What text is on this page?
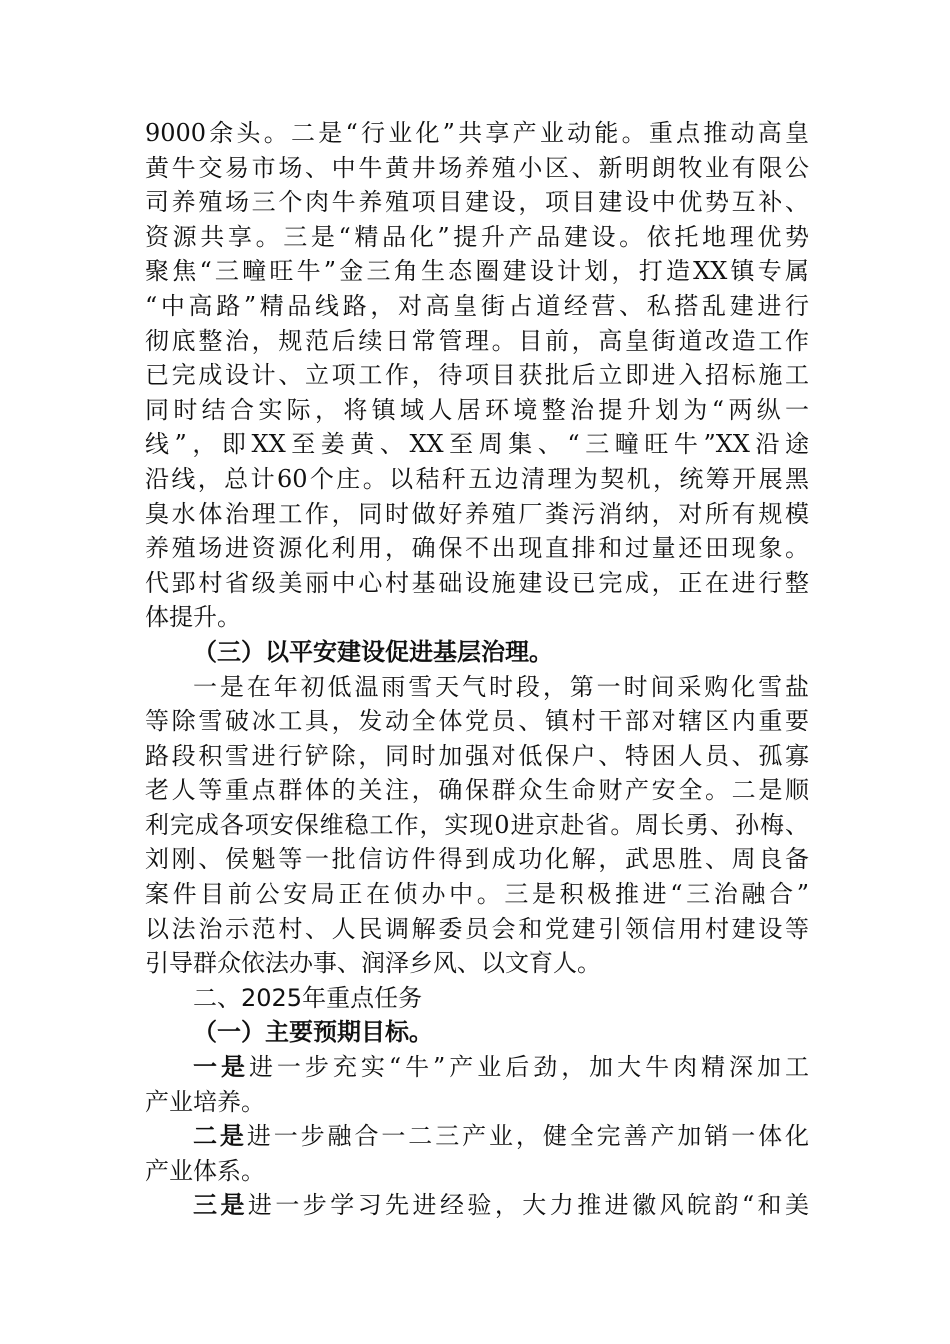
9000余头。二是“行业化”共享产业动能。重点推动高皇
黄牛交易市场、中牛黄井场养殖小区、新明朗牧业有限公
司养殖场三个肉牛养殖项目建设，项目建设中优势互补、
资源共享。三是“精品化”提升产品建设。依托地理优势
聚焦“三疃旺牛”金三角生态圈建设计划，打造XX镇专属
“中高路”精品线路，对高皇街占道经营、私搭乱建进行
彻底整治，规范后续日常管理。目前，高皇街道改造工作
已完成设计、立项工作，待项目获批后立即进入招标施工
同时结合实际，将镇域人居环境整治提升划为“两纵一
线”，即XX至姜黄、XX至周集、“三疃旺牛”XX沿途
沿线，总计60个庄。以秸秆五边清理为契机，统筹开展黑
臭水体治理工作，同时做好养殖厂粪污消纳，对所有规模
养殖场进资源化利用，确保不出现直排和过量还田现象。
代郢村省级美丽中心村基础设施建设已完成，正在进行整
体提升。
（三）以平安建设促进基层治理。
一是在年初低温雨雪天气时段，第一时间采购化雪盐
等除雪破冰工具，发动全体党员、镇村干部对辖区内重要
路段积雪进行铲除，同时加强对低保户、特困人员、孤寡
老人等重点群体的关注，确保群众生命财产安全。二是顺
利完成各项安保维稳工作，实现0进京赴省。周长勇、孙梅、
刘刚、侯魁等一批信访件得到成功化解，武思胜、周良备
案件目前公安局正在侦办中。三是积极推进“三治融合”
以法治示范村、人民调解委员会和党建引领信用村建设等
引导群众依法办事、润泽乡风、以文育人。
二、2025年重点任务
（一）主要预期目标。
一是进一步充实“牛”产业后劲，加大牛肉精深加工
产业培养。
二是进一步融合一二三产业，健全完善产加销一体化
产业体系。
三是进一步学习先进经验，大力推进徽风皖韵“和美
